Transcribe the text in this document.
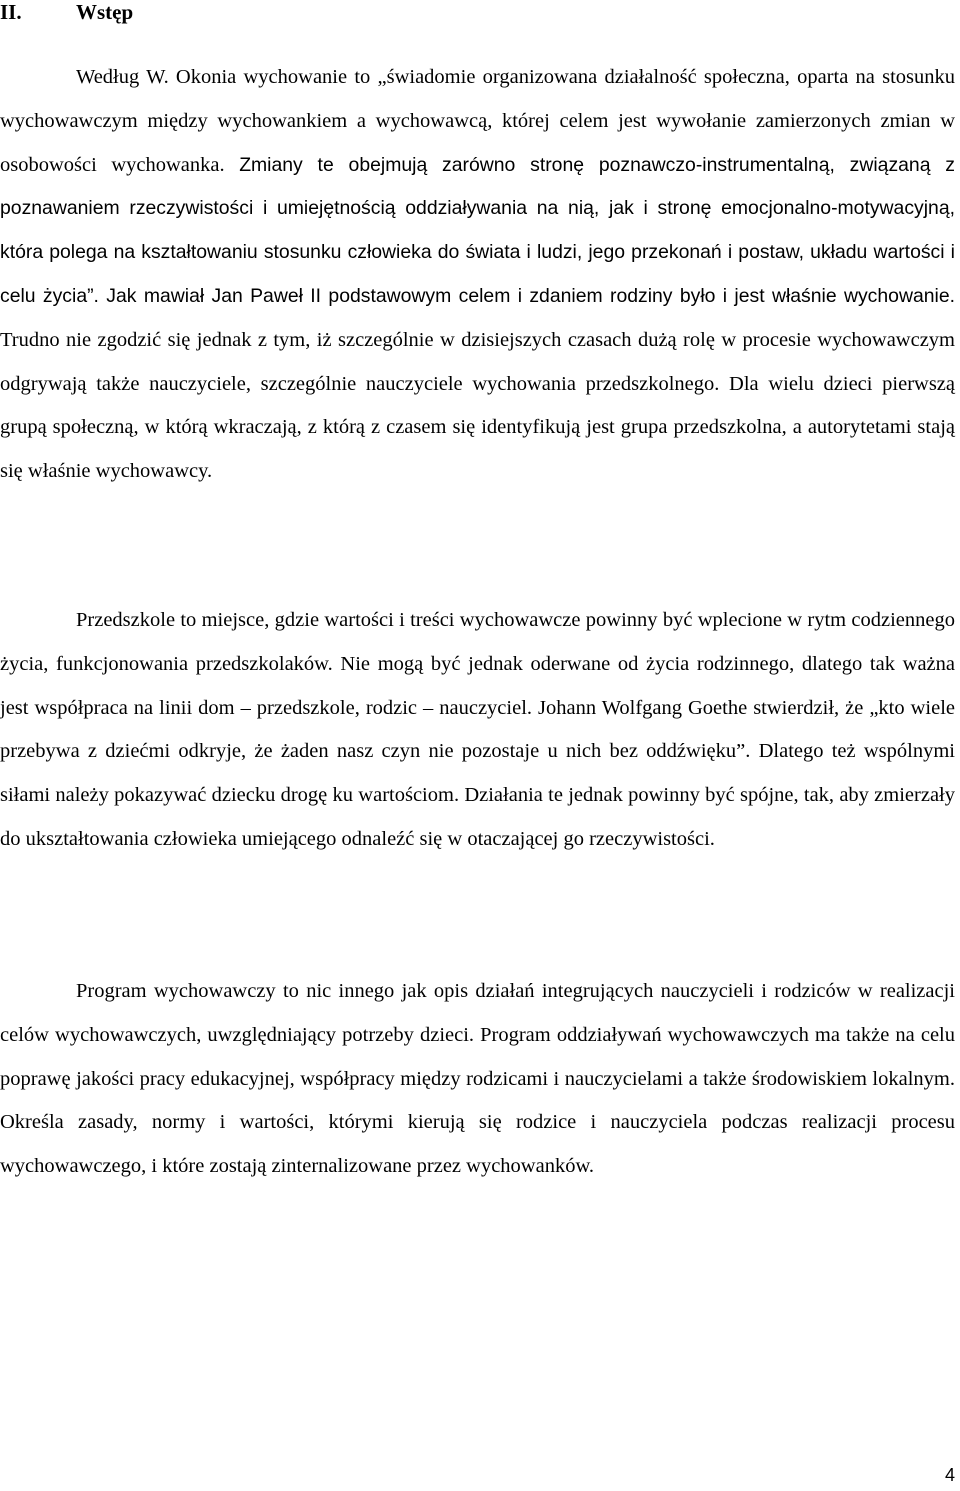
II.	Wstęp

Według W. Okonia wychowanie to „świadomie organizowana działalność społeczna, oparta na stosunku wychowawczym między wychowankiem a wychowawcą, której celem jest wywołanie zamierzonych zmian w osobowości wychowanka. Zmiany te obejmują zarówno stronę poznawczo-instrumentalną, związaną z poznawaniem rzeczywistości i umiejętnością oddziaływania na nią, jak i stronę emocjonalno-motywacyjną, która polega na kształtowaniu stosunku człowieka do świata i ludzi, jego przekonań i postaw, układu wartości i celu życia”. Jak mawiał Jan Paweł II podstawowym celem i zdaniem rodziny było i jest właśnie wychowanie. Trudno nie zgodzić się jednak z tym, iż szczególnie w dzisiejszych czasach dużą rolę w procesie wychowawczym odgrywają także nauczyciele, szczególnie nauczyciele wychowania przedszkolnego. Dla wielu dzieci pierwszą grupą społeczną, w którą wkraczają, z którą z czasem się identyfikują jest grupa przedszkolna, a autorytetami stają się właśnie wychowawcy.

Przedszkole to miejsce, gdzie wartości i treści wychowawcze powinny być wplecione w rytm codziennego życia, funkcjonowania przedszkolaków. Nie mogą być jednak oderwane od życia rodzinnego, dlatego tak ważna jest współpraca na linii dom – przedszkole, rodzic – nauczyciel. Johann Wolfgang Goethe stwierdził, że „kto wiele przebywa z dziećmi odkryje, że żaden nasz czyn nie pozostaje u nich bez oddźwięku”. Dlatego też wspólnymi siłami należy pokazywać dziecku drogę ku wartościom. Działania te jednak powinny być spójne, tak, aby zmierzały do ukształtowania człowieka umiejącego odnaleźć się w otaczającej go rzeczywistości.

Program wychowawczy to nic innego jak opis działań integrujących nauczycieli i rodziców w realizacji celów wychowawczych, uwzględniający potrzeby dzieci. Program oddziaływań wychowawczych ma także na celu poprawę jakości pracy edukacyjnej, współpracy między rodzicami i nauczycielami a także środowiskiem lokalnym. Określa zasady, normy i wartości, którymi kierują się rodzice i nauczyciela podczas realizacji procesu wychowawczego, i które zostają zinternalizowane przez wychowanków.

4
